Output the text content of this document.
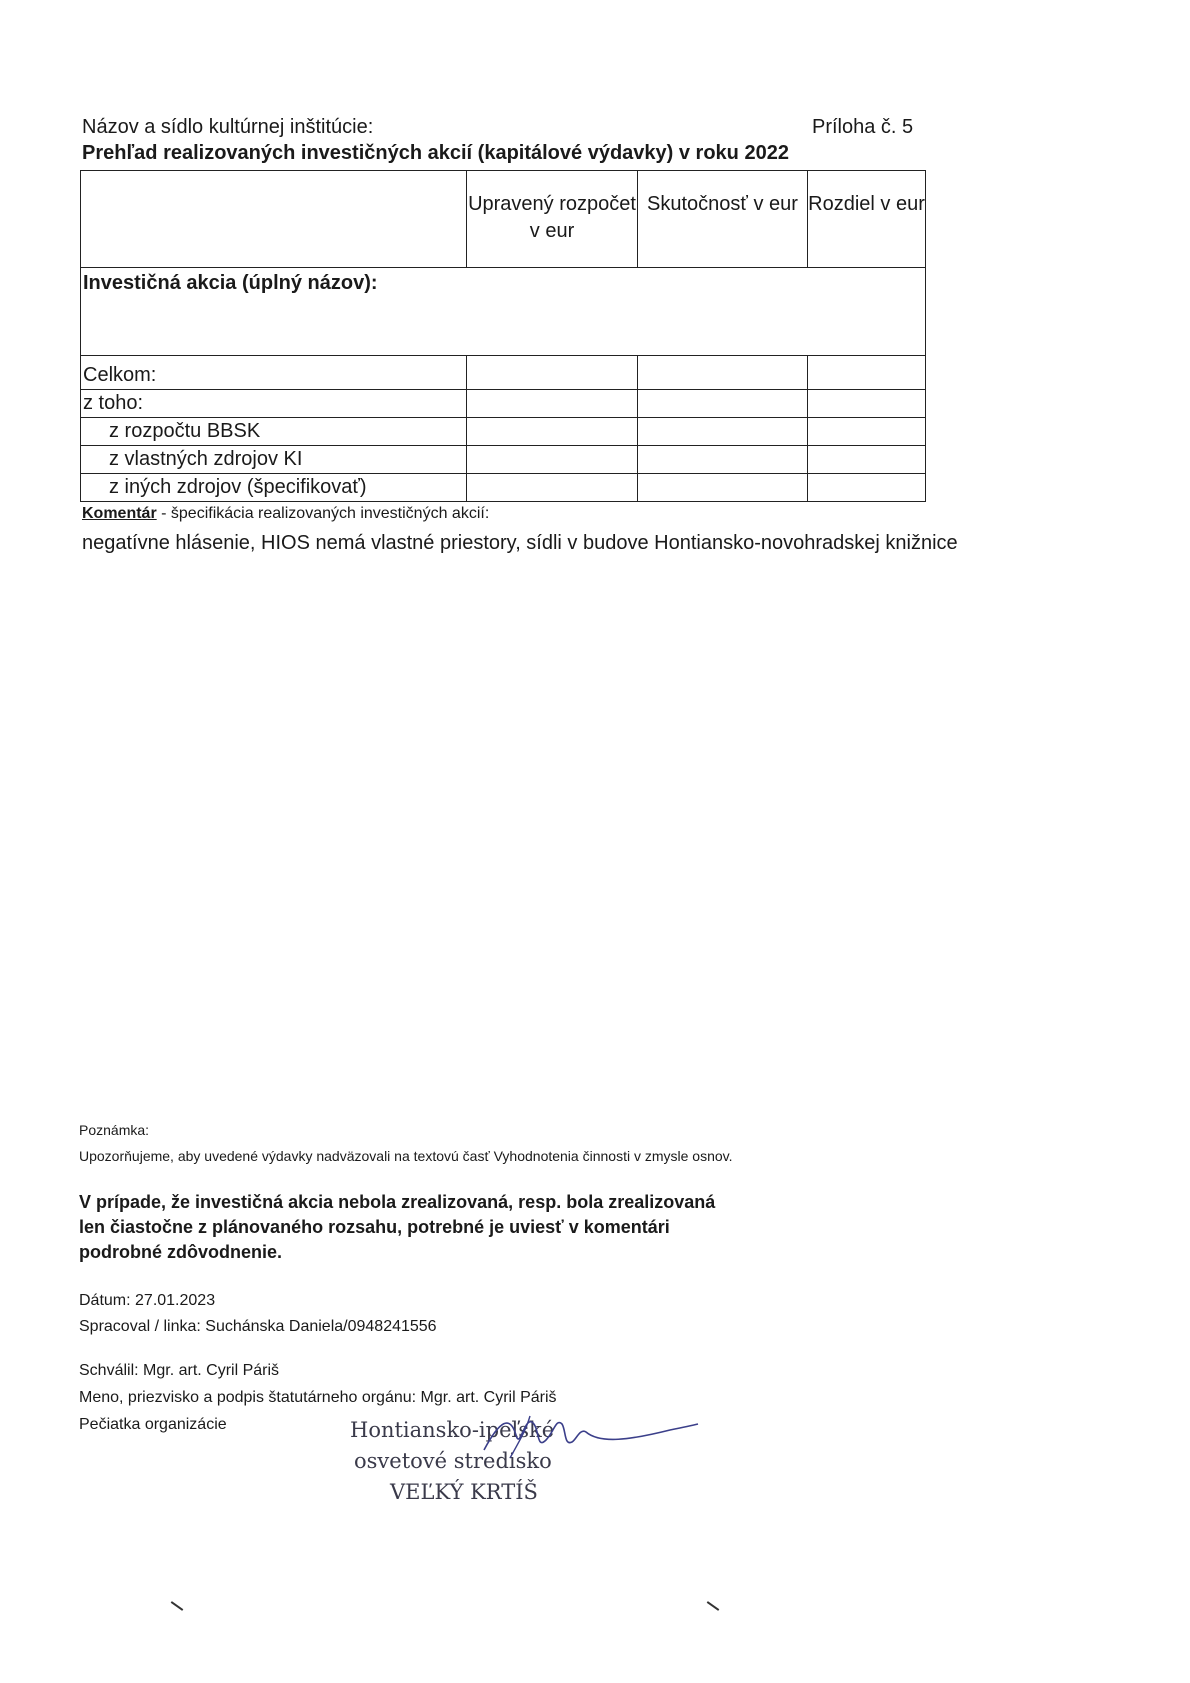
Názov a sídlo kultúrnej inštitúcie:	Príloha č. 5
Prehľad realizovaných investičných akcií (kapitálové výdavky) v roku 2022
	Upravený rozpočet v eur	Skutočnosť v eur	Rozdiel v eur
Investičná akcia (úplný názov):			
Celkom:			
z toho:			
z rozpočtu BBSK			
z vlastných zdrojov KI			
z iných zdrojov (špecifikovať)			
Komentár - špecifikácia realizovaných investičných akcií:
negatívne hlásenie, HIOS nemá vlastné priestory, sídli v budove Hontiansko-novohradskej knižnice
Poznámka:
Upozorňujeme, aby uvedené výdavky nadväzovali na textovú časť Vyhodnotenia činnosti v zmysle osnov.
V prípade, že investičná akcia nebola zrealizovaná, resp. bola zrealizovaná
len čiastočne z plánovaného rozsahu, potrebné je uviesť v komentári
podrobné zdôvodnenie.
Dátum: 27.01.2023
Spracoval / linka: Suchánska Daniela/0948241556
Schválil: Mgr. art. Cyril Páriš
Meno, priezvisko a podpis štatutárneho orgánu: Mgr. art. Cyril Páriš
Pečiatka organizácie	Hontiansko-ipeľské
osvetové stredisko
VEĽKÝ KRTÍŠ
